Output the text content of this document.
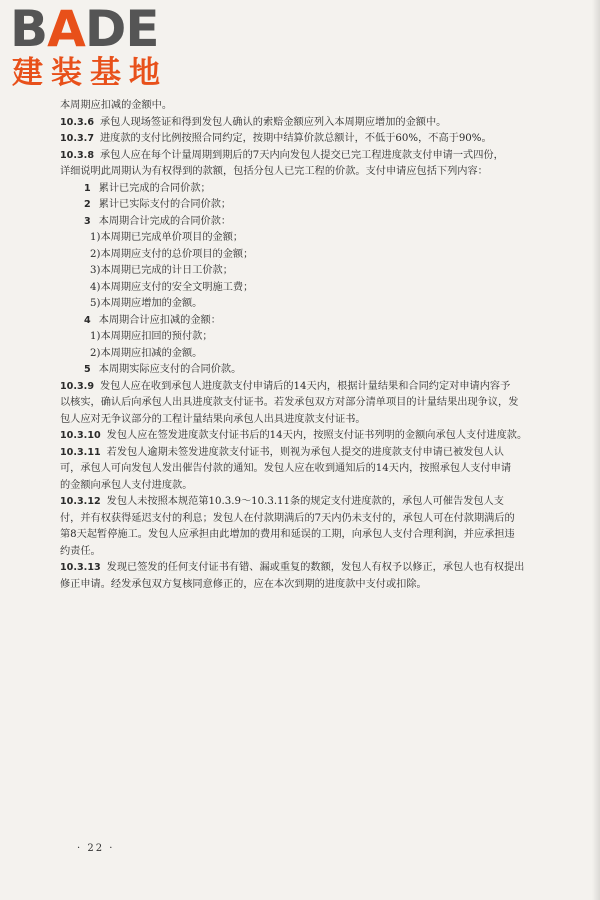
BADE
建装基地
本周期应扣减的金额中。
10.3.6 承包人现场签证和得到发包人确认的索赔金额应列入本周期应增加的金额中。
10.3.7 进度款的支付比例按照合同约定，按期中结算价款总额计，不低于60%，不高于90%。
10.3.8 承包人应在每个计量周期到期后的7天内向发包人提交已完工程进度款支付申请一式四份，
详细说明此周期认为有权得到的款额，包括分包人已完工程的价款。支付申请应包括下列内容：
1 累计已完成的合同价款；
2 累计已实际支付的合同价款；
3 本周期合计完成的合同价款：
1)本周期已完成单价项目的金额；
2)本周期应支付的总价项目的金额；
3)本周期已完成的计日工价款；
4)本周期应支付的安全文明施工费；
5)本周期应增加的金额。
4 本周期合计应扣减的金额：
1)本周期应扣回的预付款；
2)本周期应扣减的金额。
5 本周期实际应支付的合同价款。
10.3.9 发包人应在收到承包人进度款支付申请后的14天内，根据计量结果和合同约定对申请内容予
以核实，确认后向承包人出具进度款支付证书。若发承包双方对部分清单项目的计量结果出现争议，发
包人应对无争议部分的工程计量结果向承包人出具进度款支付证书。
10.3.10 发包人应在签发进度款支付证书后的14天内，按照支付证书列明的金额向承包人支付进度款。
10.3.11 若发包人逾期未签发进度款支付证书，则视为承包人提交的进度款支付申请已被发包人认
可，承包人可向发包人发出催告付款的通知。发包人应在收到通知后的14天内，按照承包人支付申请
的金额向承包人支付进度款。
10.3.12 发包人未按照本规范第10.3.9～10.3.11条的规定支付进度款的，承包人可催告发包人支
付，并有权获得延迟支付的利息；发包人在付款期满后的7天内仍未支付的，承包人可在付款期满后的
第8天起暂停施工。发包人应承担由此增加的费用和延误的工期，向承包人支付合理利润，并应承担违
约责任。
10.3.13 发现已签发的任何支付证书有错、漏或重复的数额，发包人有权予以修正，承包人也有权提出
修正申请。经发承包双方复核同意修正的，应在本次到期的进度款中支付或扣除。
· 22 ·
